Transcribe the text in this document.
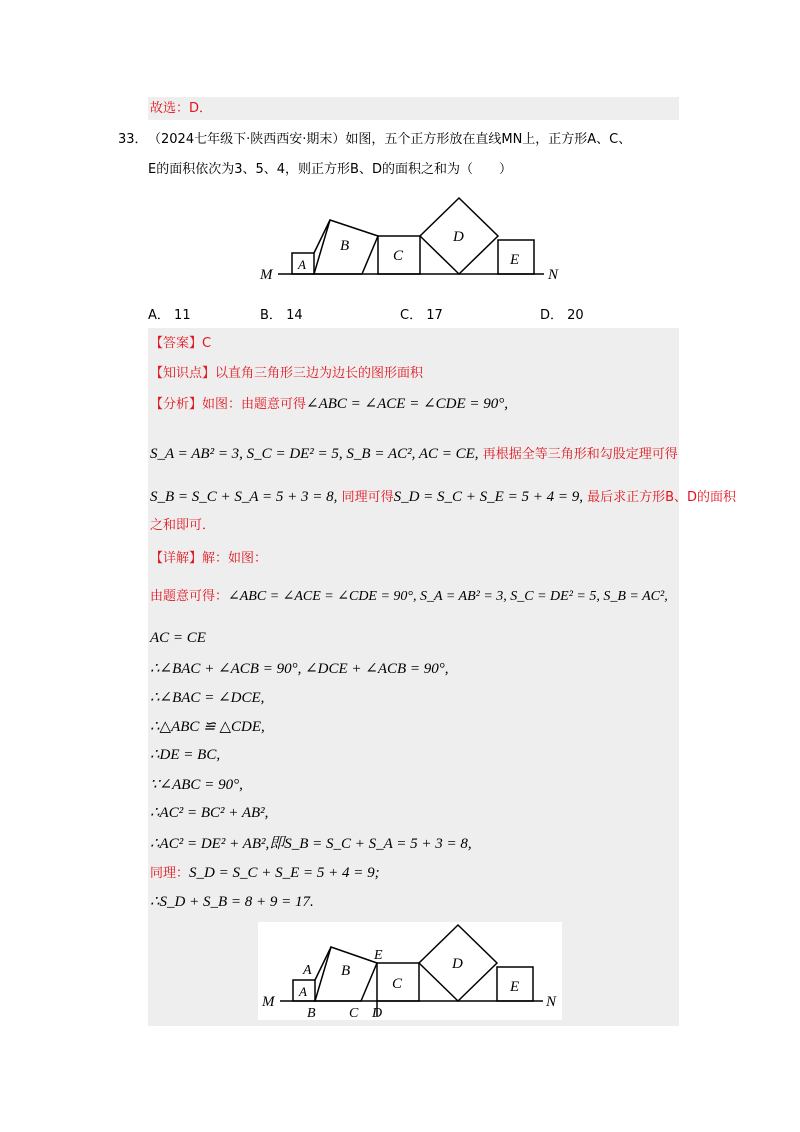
故选：D．
33． （2024七年级下·陕西西安·期末）如图，五个正方形放在直线MN上，正方形A、C、
E的面积依次为3、5、4，则正方形B、D的面积之和为（　　）
M	N
A
B
C
D
E
A． 11	B． 14	C． 17	D． 20
【答案】C
【知识点】以直角三角形三边为边长的图形面积
【分析】如图：由题意可得∠ABC = ∠ACE = ∠CDE = 90°,
S_A = AB² = 3, S_C = DE² = 5, S_B = AC², AC = CE, 再根据全等三角形和勾股定理可得
S_B = S_C + S_A = 5 + 3 = 8, 同理可得S_D = S_C + S_E = 5 + 4 = 9, 最后求正方形B、D的面积
之和即可．
【详解】解：如图：
由题意可得：∠ABC = ∠ACE = ∠CDE = 90°, S_A = AB² = 3, S_C = DE² = 5, S_B = AC²,
AC = CE
∴∠BAC + ∠ACB = 90°, ∠DCE + ∠ACB = 90°,
∴∠BAC = ∠DCE,
∴△ABC ≌ △CDE,
∴DE = BC,
∵∠ABC = 90°,
∴AC² = BC² + AB²,
∴AC² = DE² + AB²,即S_B = S_C + S_A = 5 + 3 = 8,
同理：S_D = S_C + S_E = 5 + 4 = 9;
∴S_D + S_B = 8 + 9 = 17.
M	N
A
A B
B
C
C D
E
D
E
